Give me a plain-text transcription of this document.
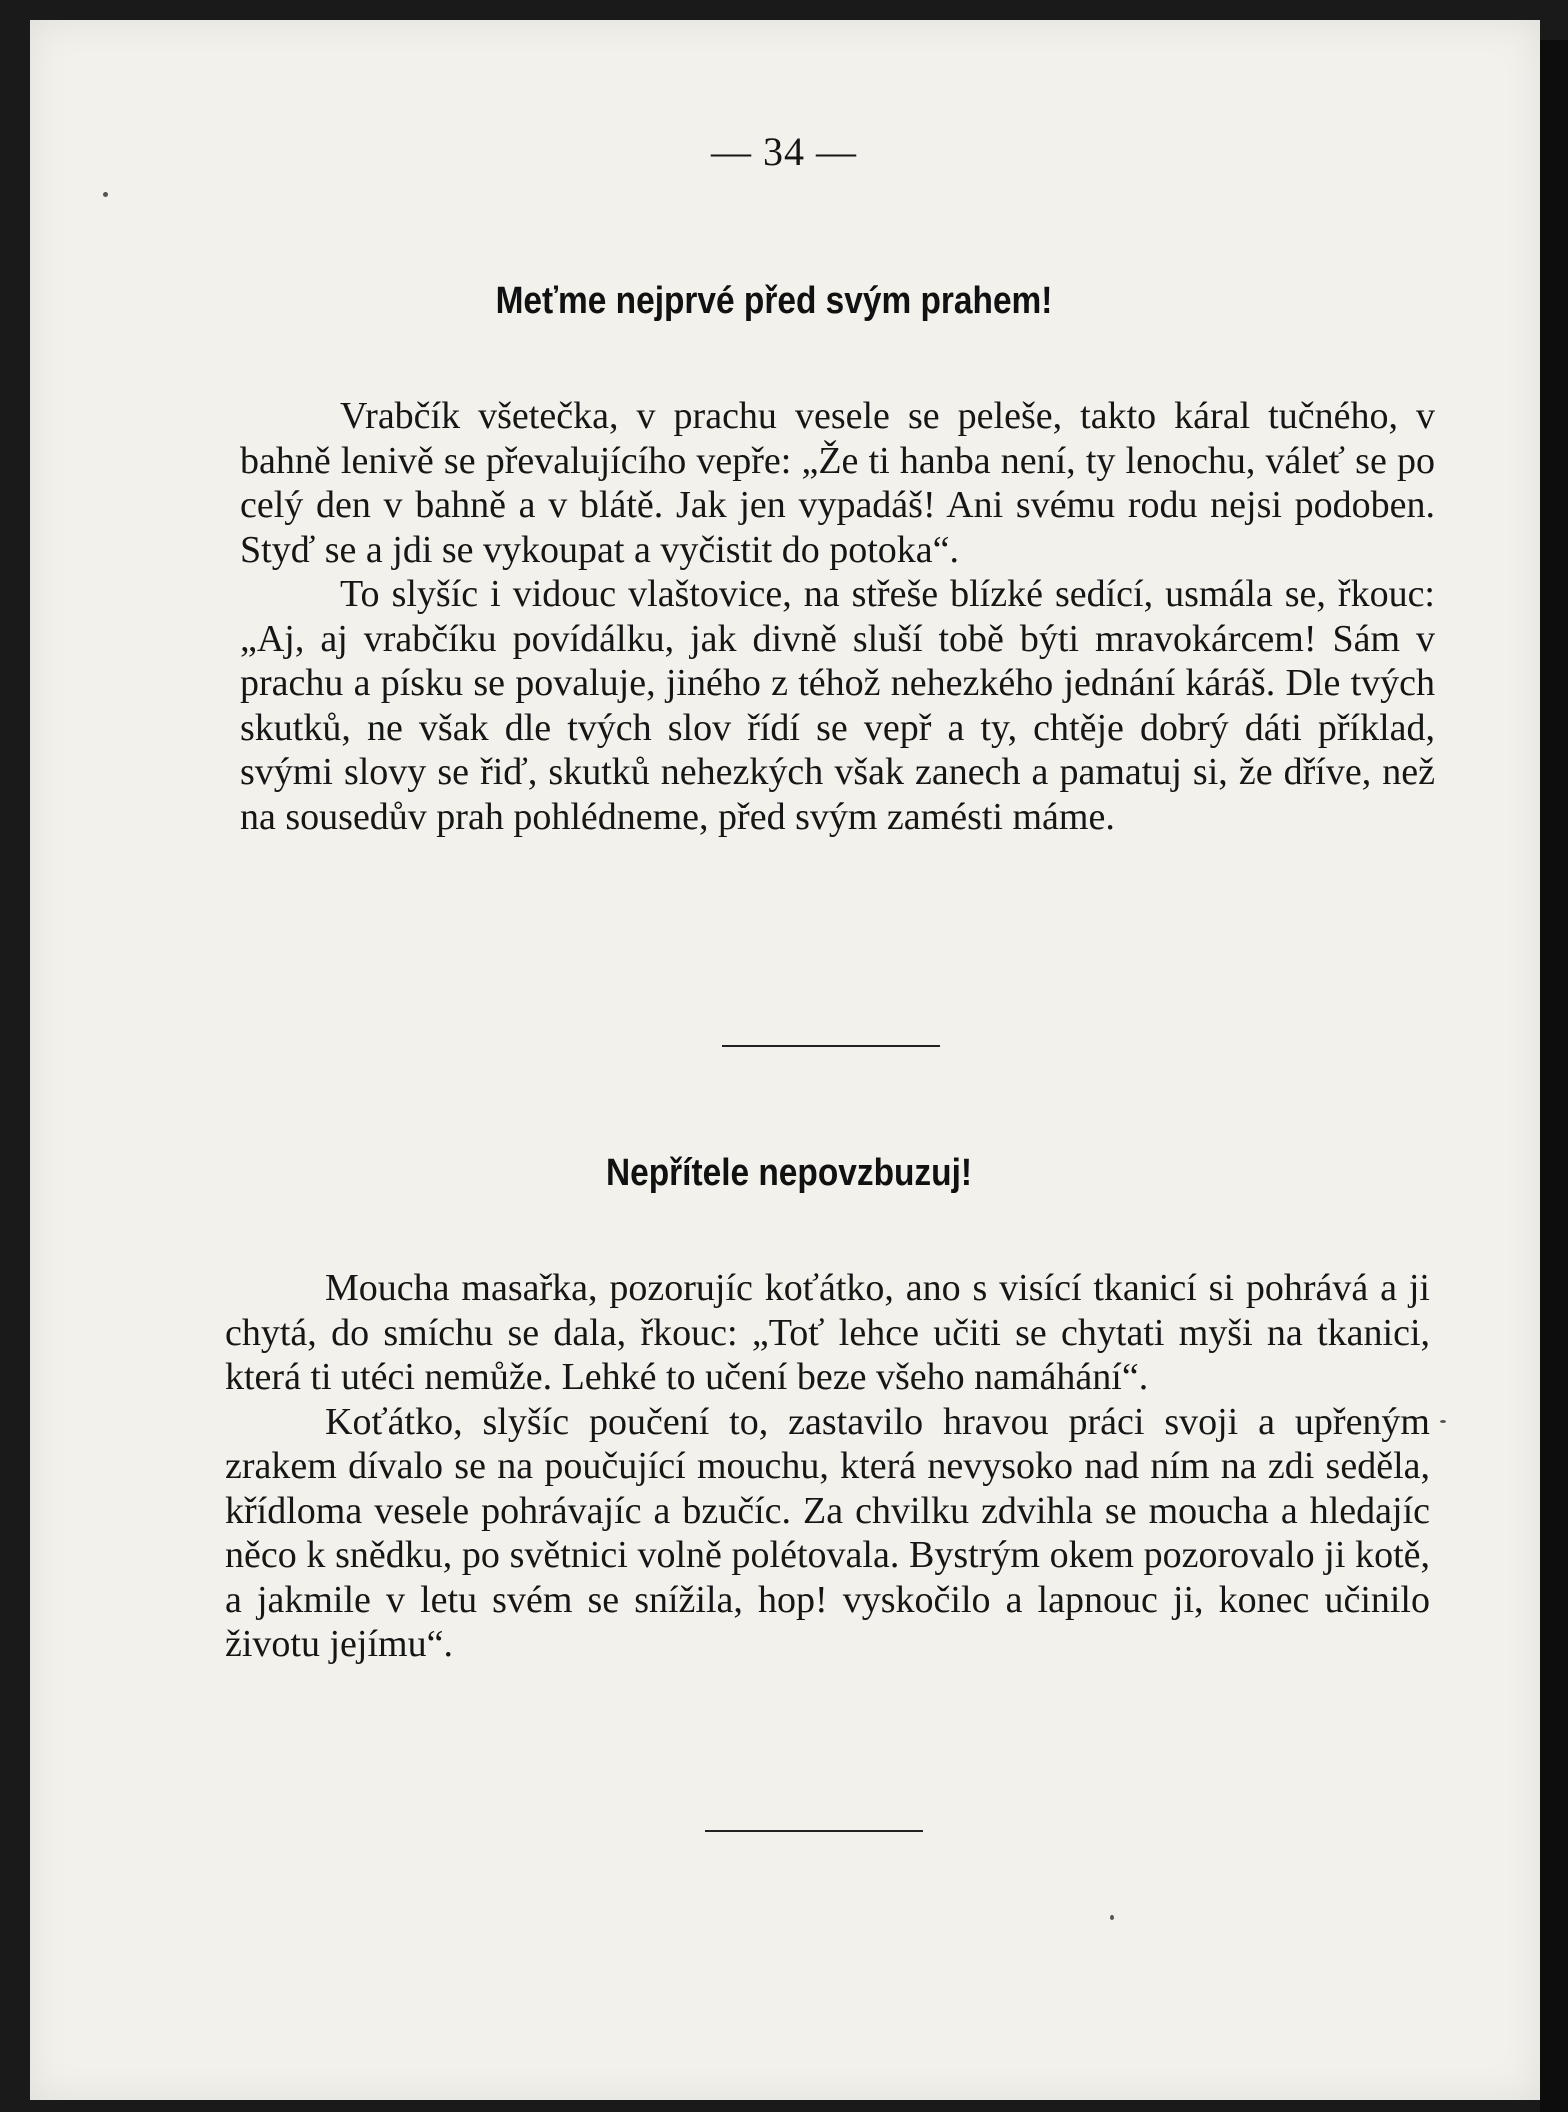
— 34 —
Meťme nejprvé před svým prahem!

Vrabčík všetečka, v prachu vesele se peleše, takto káral tučného, v bahně lenivě se převalujícího vepře: „Že ti hanba není, ty lenochu, váleť se po celý den v bahně a v blátě. Jak jen vypadáš! Ani svému rodu nejsi podoben. Styď se a jdi se vykoupat a vyčistit do potoka“.

To slyšíc i vidouc vlaštovice, na střeše blízké sedící, usmála se, řkouc: „Aj, aj vrabčíku povídálku, jak divně sluší tobě býti mravokárcem! Sám v prachu a písku se povaluje, jiného z téhož nehezkého jednání káráš. Dle tvých skutků, ne však dle tvých slov řídí se vepř a ty, chtěje dobrý dáti příklad, svými slovy se řiď, skutků nehezkých však zanech a pamatuj si, že dříve, než na sousedův prah pohlédneme, před svým zamésti máme.

Nepřítele nepovzbuzuj!

Moucha masařka, pozorujíc koťátko, ano s visící tkanicí si pohrává a ji chytá, do smíchu se dala, řkouc: „Toť lehce učiti se chytati myši na tkanici, která ti utéci nemůže. Lehké to učení beze všeho namáhání“.

Koťátko, slyšíc poučení to, zastavilo hravou práci svoji a upřeným zrakem dívalo se na poučující mouchu, která nevysoko nad ním na zdi seděla, křídloma vesele pohrávajíc a bzučíc. Za chvilku zdvihla se moucha a hledajíc něco k snědku, po světnici volně polétovala. Bystrým okem pozorovalo ji kotě, a jakmile v letu svém se snížila, hop! vyskočilo a lapnouc ji, konec učinilo životu jejímu“.
